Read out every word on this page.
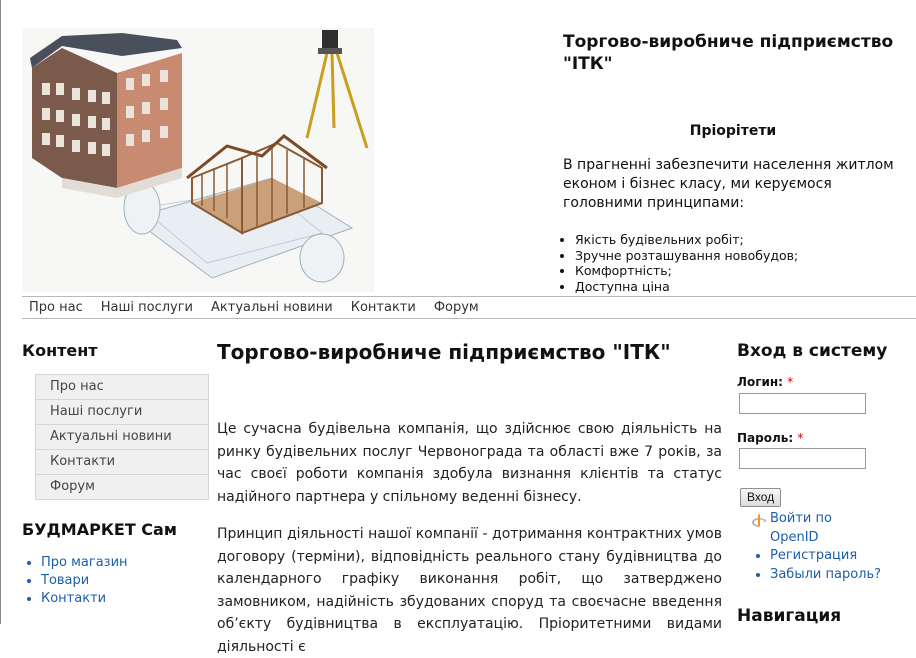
Торгово-виробниче підприємство "ІТК"
Пріорітети
В прагненні забезпечити населення житлом економ і бізнес класу, ми керуємося головними принципами:
• Якість будівельних робіт;
• Зручне розташування новобудов;
• Комфортність;
• Доступна ціна
Про нас Наші послуги Актуальні новини Контакти Форум
Контент
Про нас
Наші послуги
Актуальні новини
Контакти
Форум
БУДМАРКЕТ Сам
• Про магазин
• Товари
• Контакти
Торгово-виробниче підприємство "ІТК"

Це сучасна будівельна компанія, що здійснює свою діяльність на ринку будівельних послуг Червонограда та області вже 7 років, за час своєї роботи компанія здобула визнання клієнтів та статус надійного партнера у спільному веденні бізнесу.

Принцип діяльності нашої компанії - дотримання контрактних умов договору (терміни), відповідність реального стану будівництва до календарного графіку виконання робіт, що затверджено замовником, надійність збудованих споруд та своєчасне введення об’єкту будівництва в експлуатацію. Пріоритетними видами діяльності є

Вход в систему
Логин: *
Пароль: *
Вход
Войти по OpenID
• Регистрация
• Забыли пароль?
Навигация
